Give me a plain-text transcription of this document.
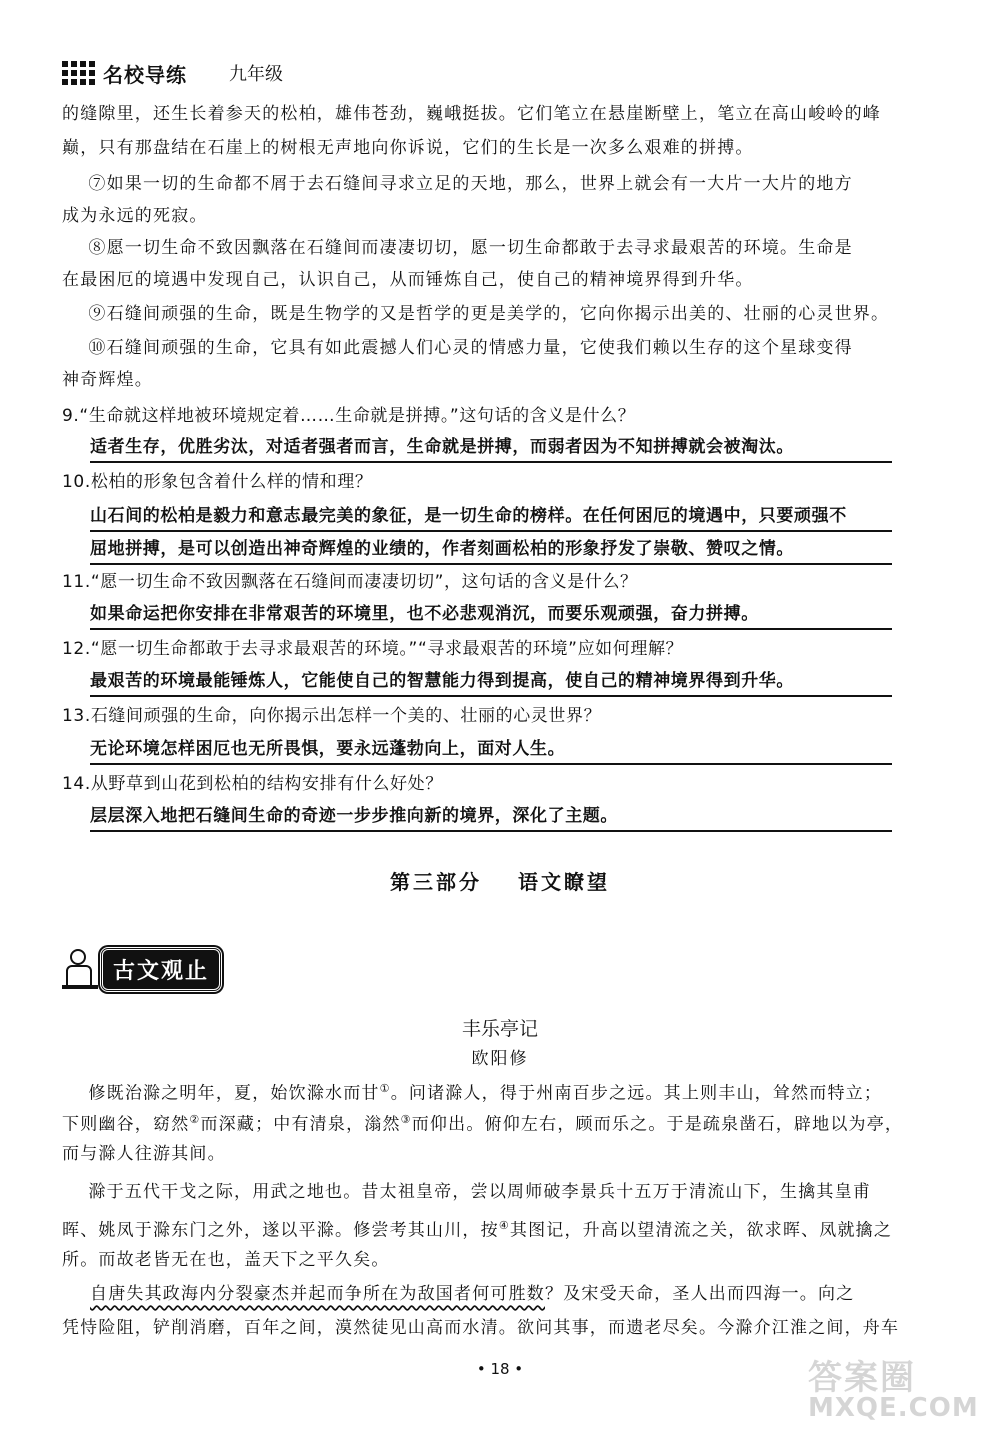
名校导练 九年级
的缝隙里，还生长着参天的松柏，雄伟苍劲，巍峨挺拔。它们笔立在悬崖断壁上，笔立在高山峻岭的峰
巅，只有那盘结在石崖上的树根无声地向你诉说，它们的生长是一次多么艰难的拼搏。
⑦如果一切的生命都不屑于去石缝间寻求立足的天地，那么，世界上就会有一大片一大片的地方
成为永远的死寂。
⑧愿一切生命不致因飘落在石缝间而凄凄切切，愿一切生命都敢于去寻求最艰苦的环境。生命是
在最困厄的境遇中发现自己，认识自己，从而锤炼自己，使自己的精神境界得到升华。
⑨石缝间顽强的生命，既是生物学的又是哲学的更是美学的，它向你揭示出美的、壮丽的心灵世界。
⑩石缝间顽强的生命，它具有如此震撼人们心灵的情感力量，它使我们赖以生存的这个星球变得
神奇辉煌。
9.“生命就这样地被环境规定着……生命就是拼搏。”这句话的含义是什么？
适者生存，优胜劣汰，对适者强者而言，生命就是拼搏，而弱者因为不知拼搏就会被淘汰。
10.松柏的形象包含着什么样的情和理？
山石间的松柏是毅力和意志最完美的象征，是一切生命的榜样。在任何困厄的境遇中，只要顽强不
屈地拼搏，是可以创造出神奇辉煌的业绩的，作者刻画松柏的形象抒发了崇敬、赞叹之情。
11.“愿一切生命不致因飘落在石缝间而凄凄切切”，这句话的含义是什么？
如果命运把你安排在非常艰苦的环境里，也不必悲观消沉，而要乐观顽强，奋力拼搏。
12.“愿一切生命都敢于去寻求最艰苦的环境。”“寻求最艰苦的环境”应如何理解？
最艰苦的环境最能锤炼人，它能使自己的智慧能力得到提高，使自己的精神境界得到升华。
13.石缝间顽强的生命，向你揭示出怎样一个美的、壮丽的心灵世界？
无论环境怎样困厄也无所畏惧，要永远蓬勃向上，面对人生。
14.从野草到山花到松柏的结构安排有什么好处？
层层深入地把石缝间生命的奇迹一步步推向新的境界，深化了主题。
第三部分 语文瞭望
古文观止
丰乐亭记
欧阳修
修既治滁之明年，夏，始饮滁水而甘①。问诸滁人，得于州南百步之远。其上则丰山，耸然而特立；
下则幽谷，窈然②而深藏；中有清泉，滃然③而仰出。俯仰左右，顾而乐之。于是疏泉凿石，辟地以为亭，
而与滁人往游其间。
滁于五代干戈之际，用武之地也。昔太祖皇帝，尝以周师破李景兵十五万于清流山下，生擒其皇甫
晖、姚凤于滁东门之外，遂以平滁。修尝考其山川，按④其图记，升高以望清流之关，欲求晖、凤就擒之
所。而故老皆无在也，盖天下之平久矣。
自唐失其政海内分裂豪杰并起而争所在为敌国者何可胜数？及宋受天命，圣人出而四海一。向之
凭恃险阻，铲削消磨，百年之间，漠然徒见山高而水清。欲问其事，而遗老尽矣。今滁介江淮之间，舟车
• 18 •	答案圈
MXQE.COM
